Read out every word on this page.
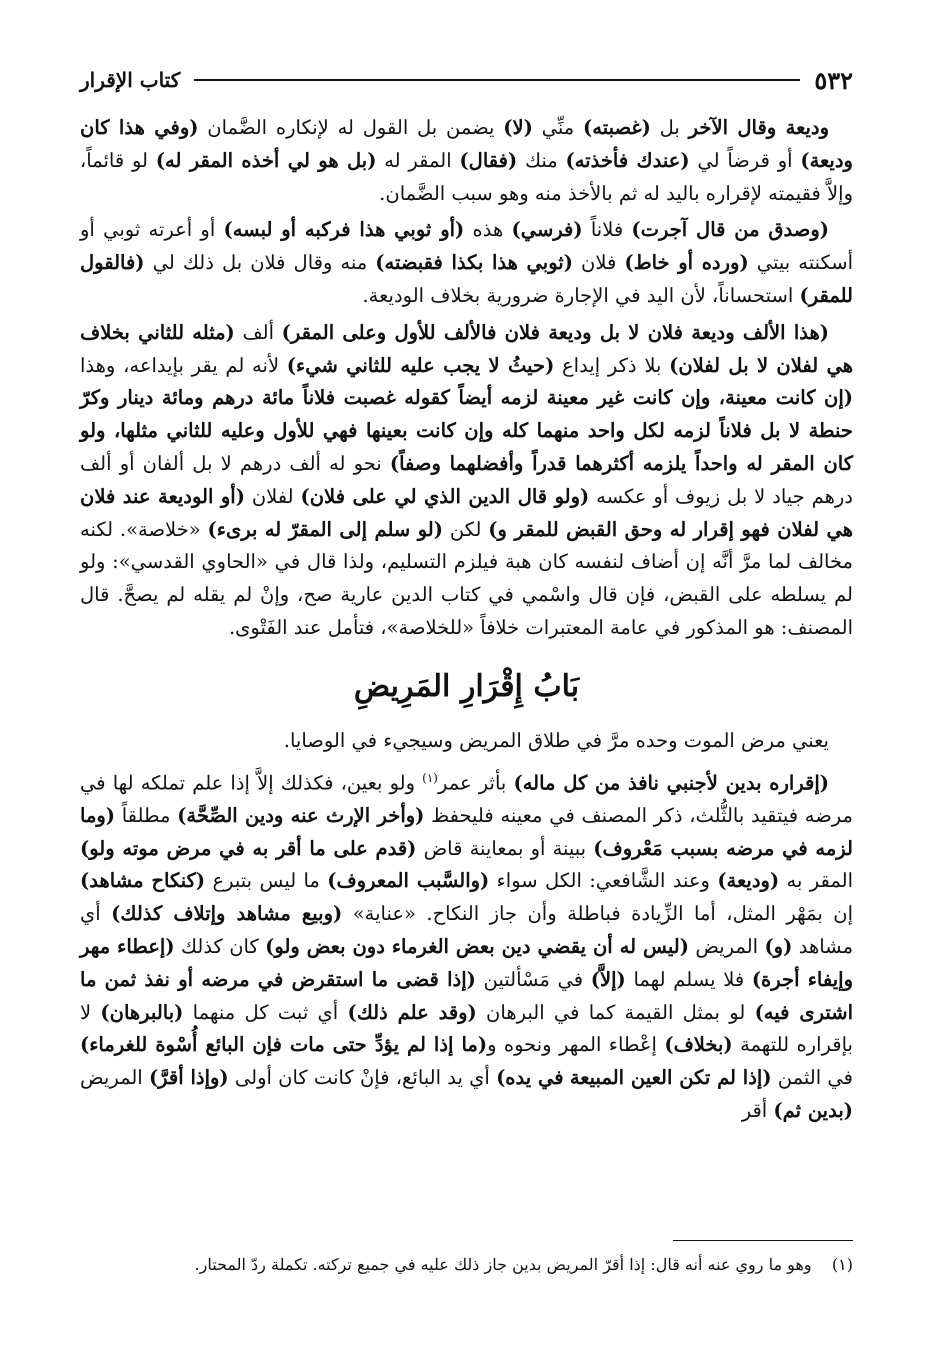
٥٣٢
كتاب الإقرار

وديعة وقال الآخر بل (غصبته) منِّي (لا) يضمن بل القول له لإنكاره الضَّمان (وفي هذا كان وديعة) أو قرضاً لي (عندك فأخذته) منك (فقال) المقر له (بل هو لي أخذه المقر له) لو قائماً، وإلاَّ فقيمته لإقراره باليد له ثم بالأخذ منه وهو سبب الضَّمان.

(وصدق من قال آجرت) فلاناً (فرسي) هذه (أو ثوبي هذا فركبه أو لبسه) أو أعرته ثوبي أو أسكنته بيتي (ورده أو خاط) فلان (ثوبي هذا بكذا فقبضته) منه وقال فلان بل ذلك لي (فالقول للمقر) استحساناً، لأن اليد في الإجارة ضرورية بخلاف الوديعة.

(هذا الألف وديعة فلان لا بل وديعة فلان فالألف للأول وعلى المقر) ألف (مثله للثاني بخلاف هي لفلان لا بل لفلان) بلا ذكر إيداع (حيثُ لا يجب عليه للثاني شيء) لأنه لم يقر بإيداعه، وهذا (إن كانت معينة، وإن كانت غير معينة لزمه أيضاً كقوله غصبت فلاناً مائة درهم ومائة دينار وكرّ حنطة لا بل فلاناً لزمه لكل واحد منهما كله وإن كانت بعينها فهي للأول وعليه للثاني مثلها، ولو كان المقر له واحداً يلزمه أكثرهما قدراً وأفضلهما وصفاً) نحو له ألف درهم لا بل ألفان أو ألف درهم جياد لا بل زيوف أو عكسه (ولو قال الدين الذي لي على فلان) لفلان (أو الوديعة عند فلان هي لفلان فهو إقرار له وحق القبض للمقر و) لكن (لو سلم إلى المقرّ له برىء) «خلاصة». لكنه مخالف لما مرَّ أنَّه إن أضاف لنفسه كان هبة فيلزم التسليم، ولذا قال في «الحاوي القدسي»: ولو لم يسلطه على القبض، فإن قال واسْمي في كتاب الدين عارية صح، وإنْ لم يقله لم يصحَّ. قال المصنف: هو المذكور في عامة المعتبرات خلافاً «للخلاصة»، فتأمل عند الفَتْوى.

بَابُ إِقْرَارِ المَرِيضِ

يعني مرض الموت وحده مرَّ في طلاق المريض وسيجيء في الوصايا.

(إقراره بدين لأجنبي نافذ من كل ماله) بأثر عمر$^{(١)}$ ولو بعين، فكذلك إلاَّ إذا علم تملكه لها في مرضه فيتقيد بالثُّلث، ذكر المصنف في معينه فليحفظ (وأخر الإرث عنه ودين الصِّحَّة) مطلقاً (وما لزمه في مرضه بسبب مَعْروف) ببينة أو بمعاينة قاض (قدم على ما أقر به في مرض موته ولو) المقر به (وديعة) وعند الشَّافعي: الكل سواء (والسَّبب المعروف) ما ليس بتبرع (كنكاح مشاهد) إن بمَهْر المثل، أما الزِّيادة فباطلة وأن جاز النكاح. «عناية» (وبيع مشاهد وإتلاف كذلك) أي مشاهد (و) المريض (ليس له أن يقضي دين بعض الغرماء دون بعض ولو) كان كذلك (إعطاء مهر وإيفاء أجرة) فلا يسلم لهما (إلاَّ) في مَسْألتين (إذا قضى ما استقرض في مرضه أو نفذ ثمن ما اشترى فيه) لو بمثل القيمة كما في البرهان (وقد علم ذلك) أي ثبت كل منهما (بالبرهان) لا بإقراره للتهمة (بخلاف) إعْطاء المهر ونحوه و(ما إذا لم يؤدِّ حتى مات فإن البائع أُسْوة للغرماء) في الثمن (إذا لم تكن العين المبيعة في يده) أي يد البائع، فإنْ كانت كان أولى (وإذا أقرَّ) المريض (بدين ثم) أقر

(١)    وهو ما روي عنه أنه قال: إذا أقرّ المريض بدين جاز ذلك عليه في جميع تركته. تكملة ردّ المحتار.
